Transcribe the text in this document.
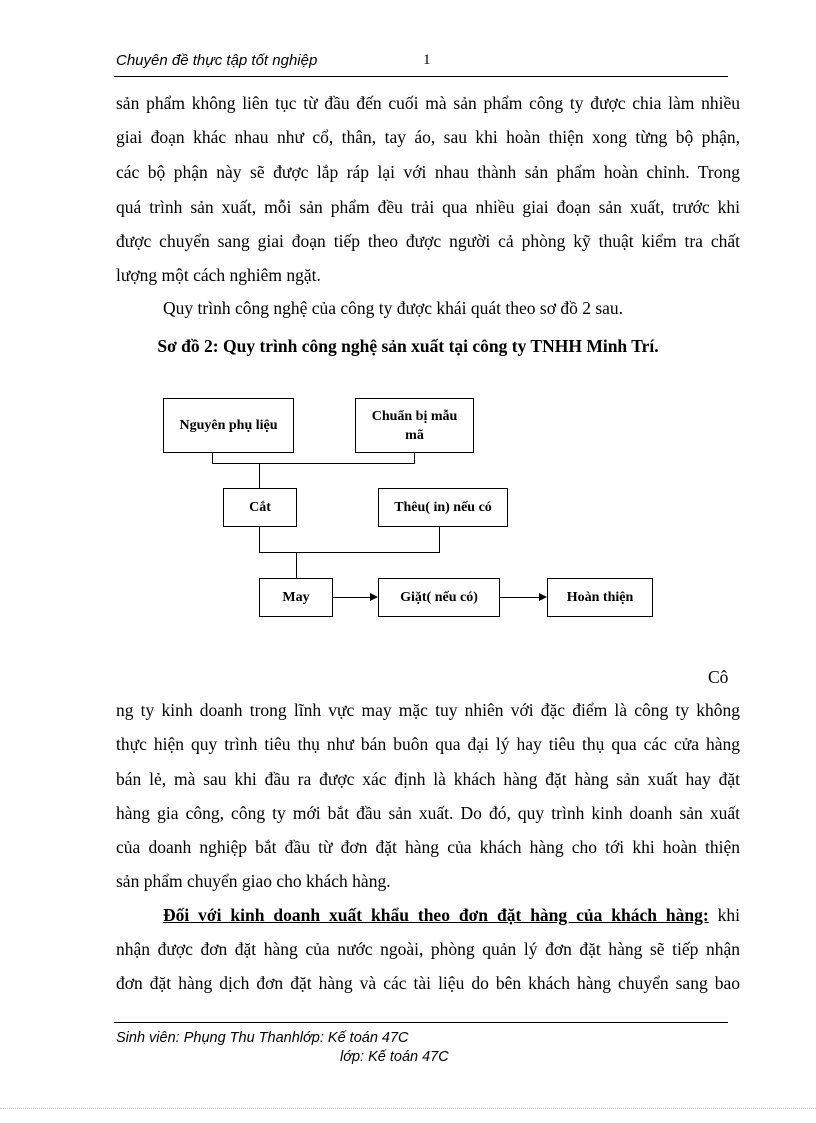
Chuyên đề thực tập tốt nghiệp	1
sản phẩm không liên tục từ đầu đến cuối mà sản phẩm công ty được chia làm nhiều
giai đoạn khác nhau như cổ, thân, tay áo, sau khi hoàn thiện xong từng bộ phận,
các bộ phận này sẽ được lắp ráp lại với nhau thành sản phẩm hoàn chỉnh. Trong
quá trình sản xuất, mỗi sản phẩm đều trải qua nhiều giai đoạn sản xuất, trước khi
được chuyển sang giai đoạn tiếp theo được người cả phòng kỹ thuật kiểm tra chất
lượng một cách nghiêm ngặt.
Quy trình công nghệ của công ty được khái quát theo sơ đồ 2 sau.
Sơ đồ 2: Quy trình công nghệ sản xuất tại công ty TNHH Minh Trí.
Nguyên phụ liệu
Chuẩn bị mẫu
mã
Cắt	Thêu( in) nếu có
May	Giặt( nếu có)	Hoàn thiện
Cô
ng ty kinh doanh trong lĩnh vực may mặc tuy nhiên với đặc điểm là công ty không
thực hiện quy trình tiêu thụ như bán buôn qua đại lý hay tiêu thụ qua các cửa hàng
bán lẻ, mà sau khi đầu ra được xác định là khách hàng đặt hàng sản xuất hay đặt
hàng gia công, công ty mới bắt đầu sản xuất. Do đó, quy trình kinh doanh sản xuất
của doanh nghiệp bắt đầu từ đơn đặt hàng của khách hàng cho tới khi hoàn thiện
sản phẩm chuyển giao cho khách hàng.
Đối với kinh doanh xuất khẩu theo đơn đặt hàng của khách hàng: khi
nhận được đơn đặt hàng của nước ngoài, phòng quản lý đơn đặt hàng sẽ tiếp nhận
đơn đặt hàng dịch đơn đặt hàng và các tài liệu do bên khách hàng chuyển sang bao
Sinh viên: Phụng Thu Thanhlớp: Kế toán 47C
lớp: Kế toán 47C
